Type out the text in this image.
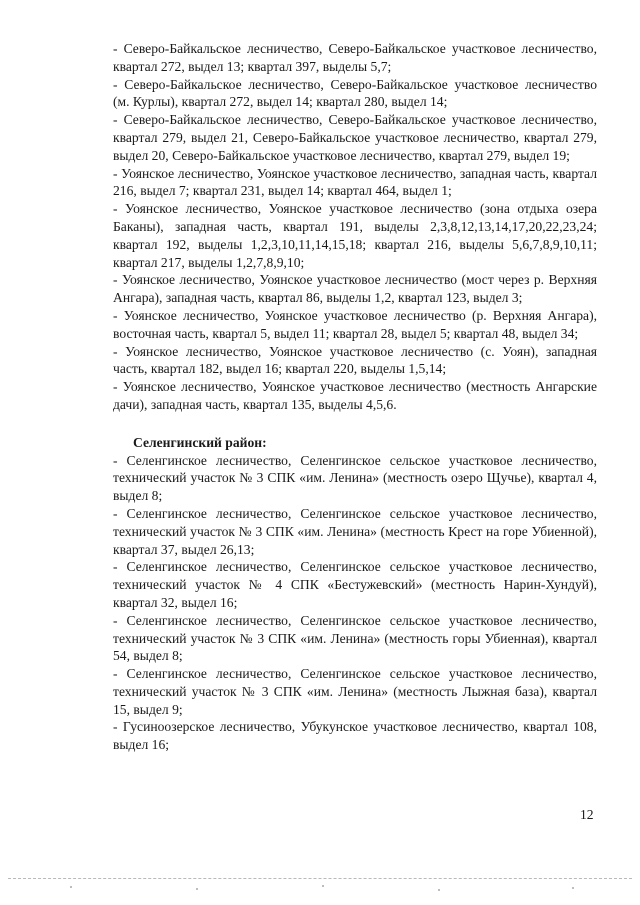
- Северо-Байкальское лесничество, Северо-Байкальское участковое лесничество, квартал 272, выдел 13; квартал 397, выделы 5,7;

- Северо-Байкальское лесничество, Северо-Байкальское участковое лесничество (м. Курлы), квартал 272, выдел 14; квартал 280, выдел 14;

- Северо-Байкальское лесничество, Северо-Байкальское участковое лесничество, квартал 279, выдел 21, Северо-Байкальское участковое лесничество, квартал 279, выдел 20, Северо-Байкальское участковое лесничество, квартал 279, выдел 19;

- Уоянское лесничество, Уоянское участковое лесничество, западная часть, квартал 216, выдел 7; квартал 231, выдел 14; квартал 464, выдел 1;

- Уоянское лесничество, Уоянское участковое лесничество (зона отдыха озера Баканы), западная часть, квартал 191, выделы 2,3,8,12,13,14,17,20,22,23,24; квартал 192, выделы 1,2,3,10,11,14,15,18; квартал 216, выделы 5,6,7,8,9,10,11; квартал 217, выделы 1,2,7,8,9,10;

- Уоянское лесничество, Уоянское участковое лесничество (мост через р. Верхняя Ангара), западная часть, квартал 86, выделы 1,2, квартал 123, выдел 3;

- Уоянское лесничество, Уоянское участковое лесничество (р. Верхняя Ангара), восточная часть, квартал 5, выдел 11; квартал 28, выдел 5; квартал 48, выдел 34;

- Уоянское лесничество, Уоянское участковое лесничество (с. Уоян), западная часть, квартал 182, выдел 16; квартал 220, выделы 1,5,14;

- Уоянское лесничество, Уоянское участковое лесничество (местность Ангарские дачи), западная часть, квартал 135, выделы 4,5,6.

Селенгинский район:

- Селенгинское лесничество, Селенгинское сельское участковое лесничество, технический участок № 3 СПК «им. Ленина» (местность озеро Щучье), квартал 4, выдел 8;

- Селенгинское лесничество, Селенгинское сельское участковое лесничество, технический участок № 3 СПК «им. Ленина» (местность Крест на горе Убиенной), квартал 37, выдел 26,13;

- Селенгинское лесничество, Селенгинское сельское участковое лесничество, технический участок № 4 СПК «Бестужевский» (местность Нарин-Хундуй), квартал 32, выдел 16;

- Селенгинское лесничество, Селенгинское сельское участковое лесничество, технический участок № 3 СПК «им. Ленина» (местность горы Убиенная), квартал 54, выдел 8;

- Селенгинское лесничество, Селенгинское сельское участковое лесничество, технический участок № 3 СПК «им. Ленина» (местность Лыжная база), квартал 15, выдел 9;

- Гусиноозерское лесничество, Убукунское участковое лесничество, квартал 108, выдел 16;

12
